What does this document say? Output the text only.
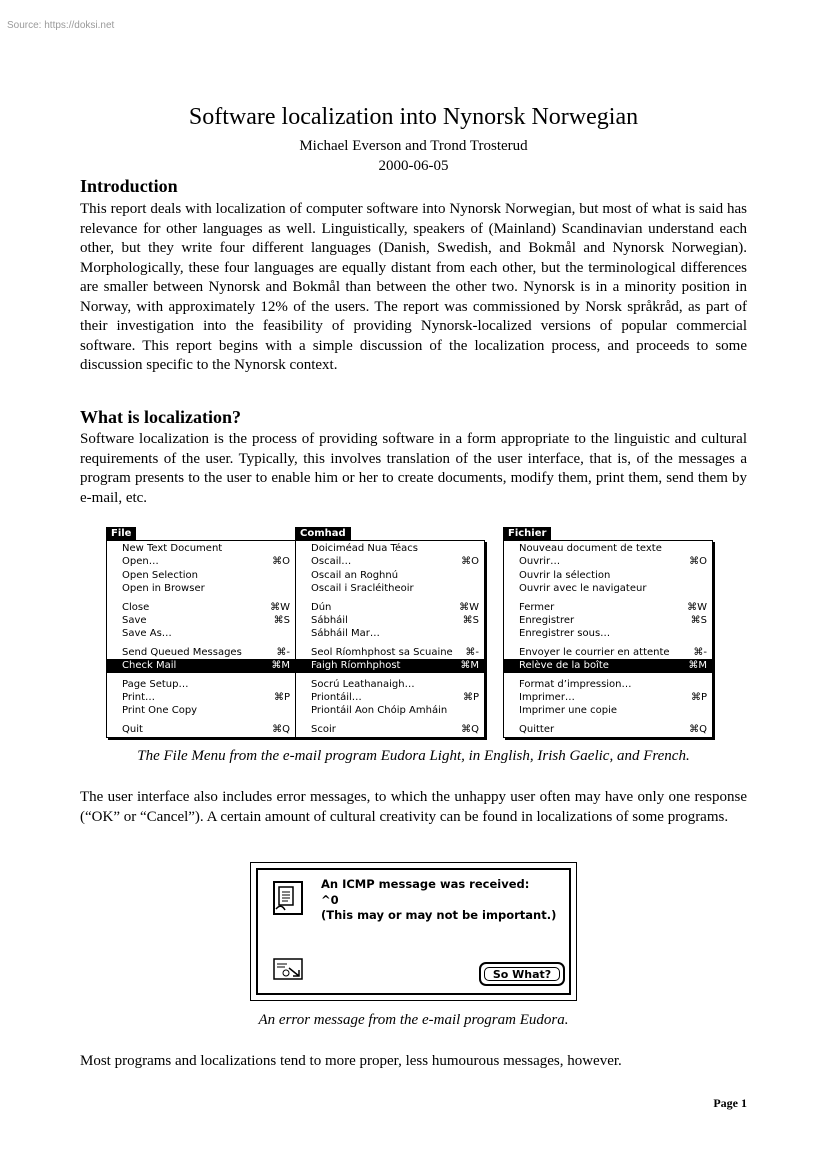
Source: https://doksi.net
Software localization into Nynorsk Norwegian
Michael Everson and Trond Trosterud
2000-06-05
Introduction

This report deals with localization of computer software into Nynorsk Norwegian, but most of what is said has relevance for other languages as well. Linguistically, speakers of (Mainland) Scandinavian understand each other, but they write four different languages (Danish, Swedish, and Bokmål and Nynorsk Norwegian). Morphologically, these four languages are equally distant from each other, but the terminological differences are smaller between Nynorsk and Bokmål than between the other two. Nynorsk is in a minority position in Norway, with approximately 12% of the users. The report was commissioned by Norsk språkråd, as part of their investigation into the feasibility of providing Nynorsk-localized versions of popular commercial software. This report begins with a simple discussion of the localization process, and proceeds to some discussion specific to the Nynorsk context.

What is localization?

Software localization is the process of providing software in a form appropriate to the linguistic and cultural requirements of the user. Typically, this involves translation of the user interface, that is, of the messages a program presents to the user to enable him or her to create documents, modify them, print them, send them by e-mail, etc.

File
New Text Document
Open…	⌘O
Open Selection
Open in Browser
Close	⌘W
Save	⌘S
Save As…
Send Queued Messages	⌘-
Check Mail	⌘M
Page Setup…
Print…	⌘P
Print One Copy
Quit	⌘Q
Comhad
Doiciméad Nua Téacs
Oscail…	⌘O
Oscail an Roghnú
Oscail i Sracléitheoir
Dún	⌘W
Sábháil	⌘S
Sábháil Mar…
Seol Ríomhphost sa Scuaine ⌘-
Faigh Ríomhphost	⌘M
Socrú Leathanaigh…
Priontáil…	⌘P
Priontáil Aon Chóip Amháin
Scoir	⌘Q
Fichier
Nouveau document de texte
Ouvrir…	⌘O
Ouvrir la sélection
Ouvrir avec le navigateur
Fermer	⌘W
Enregistrer	⌘S
Enregistrer sous…
Envoyer le courrier en attente ⌘-
Relève de la boîte	⌘M
Format d’impression…
Imprimer…	⌘P
Imprimer une copie
Quitter	⌘Q
The File Menu from the e-mail program Eudora Light, in English, Irish Gaelic, and French.

The user interface also includes error messages, to which the unhappy user often may have only one response (“OK” or “Cancel”). A certain amount of cultural creativity can be found in localizations of some programs.

An ICMP message was received:
^0
(This may or may not be important.)
So What?
An error message from the e-mail program Eudora.

Most programs and localizations tend to more proper, less humourous messages, however.

Page 1
